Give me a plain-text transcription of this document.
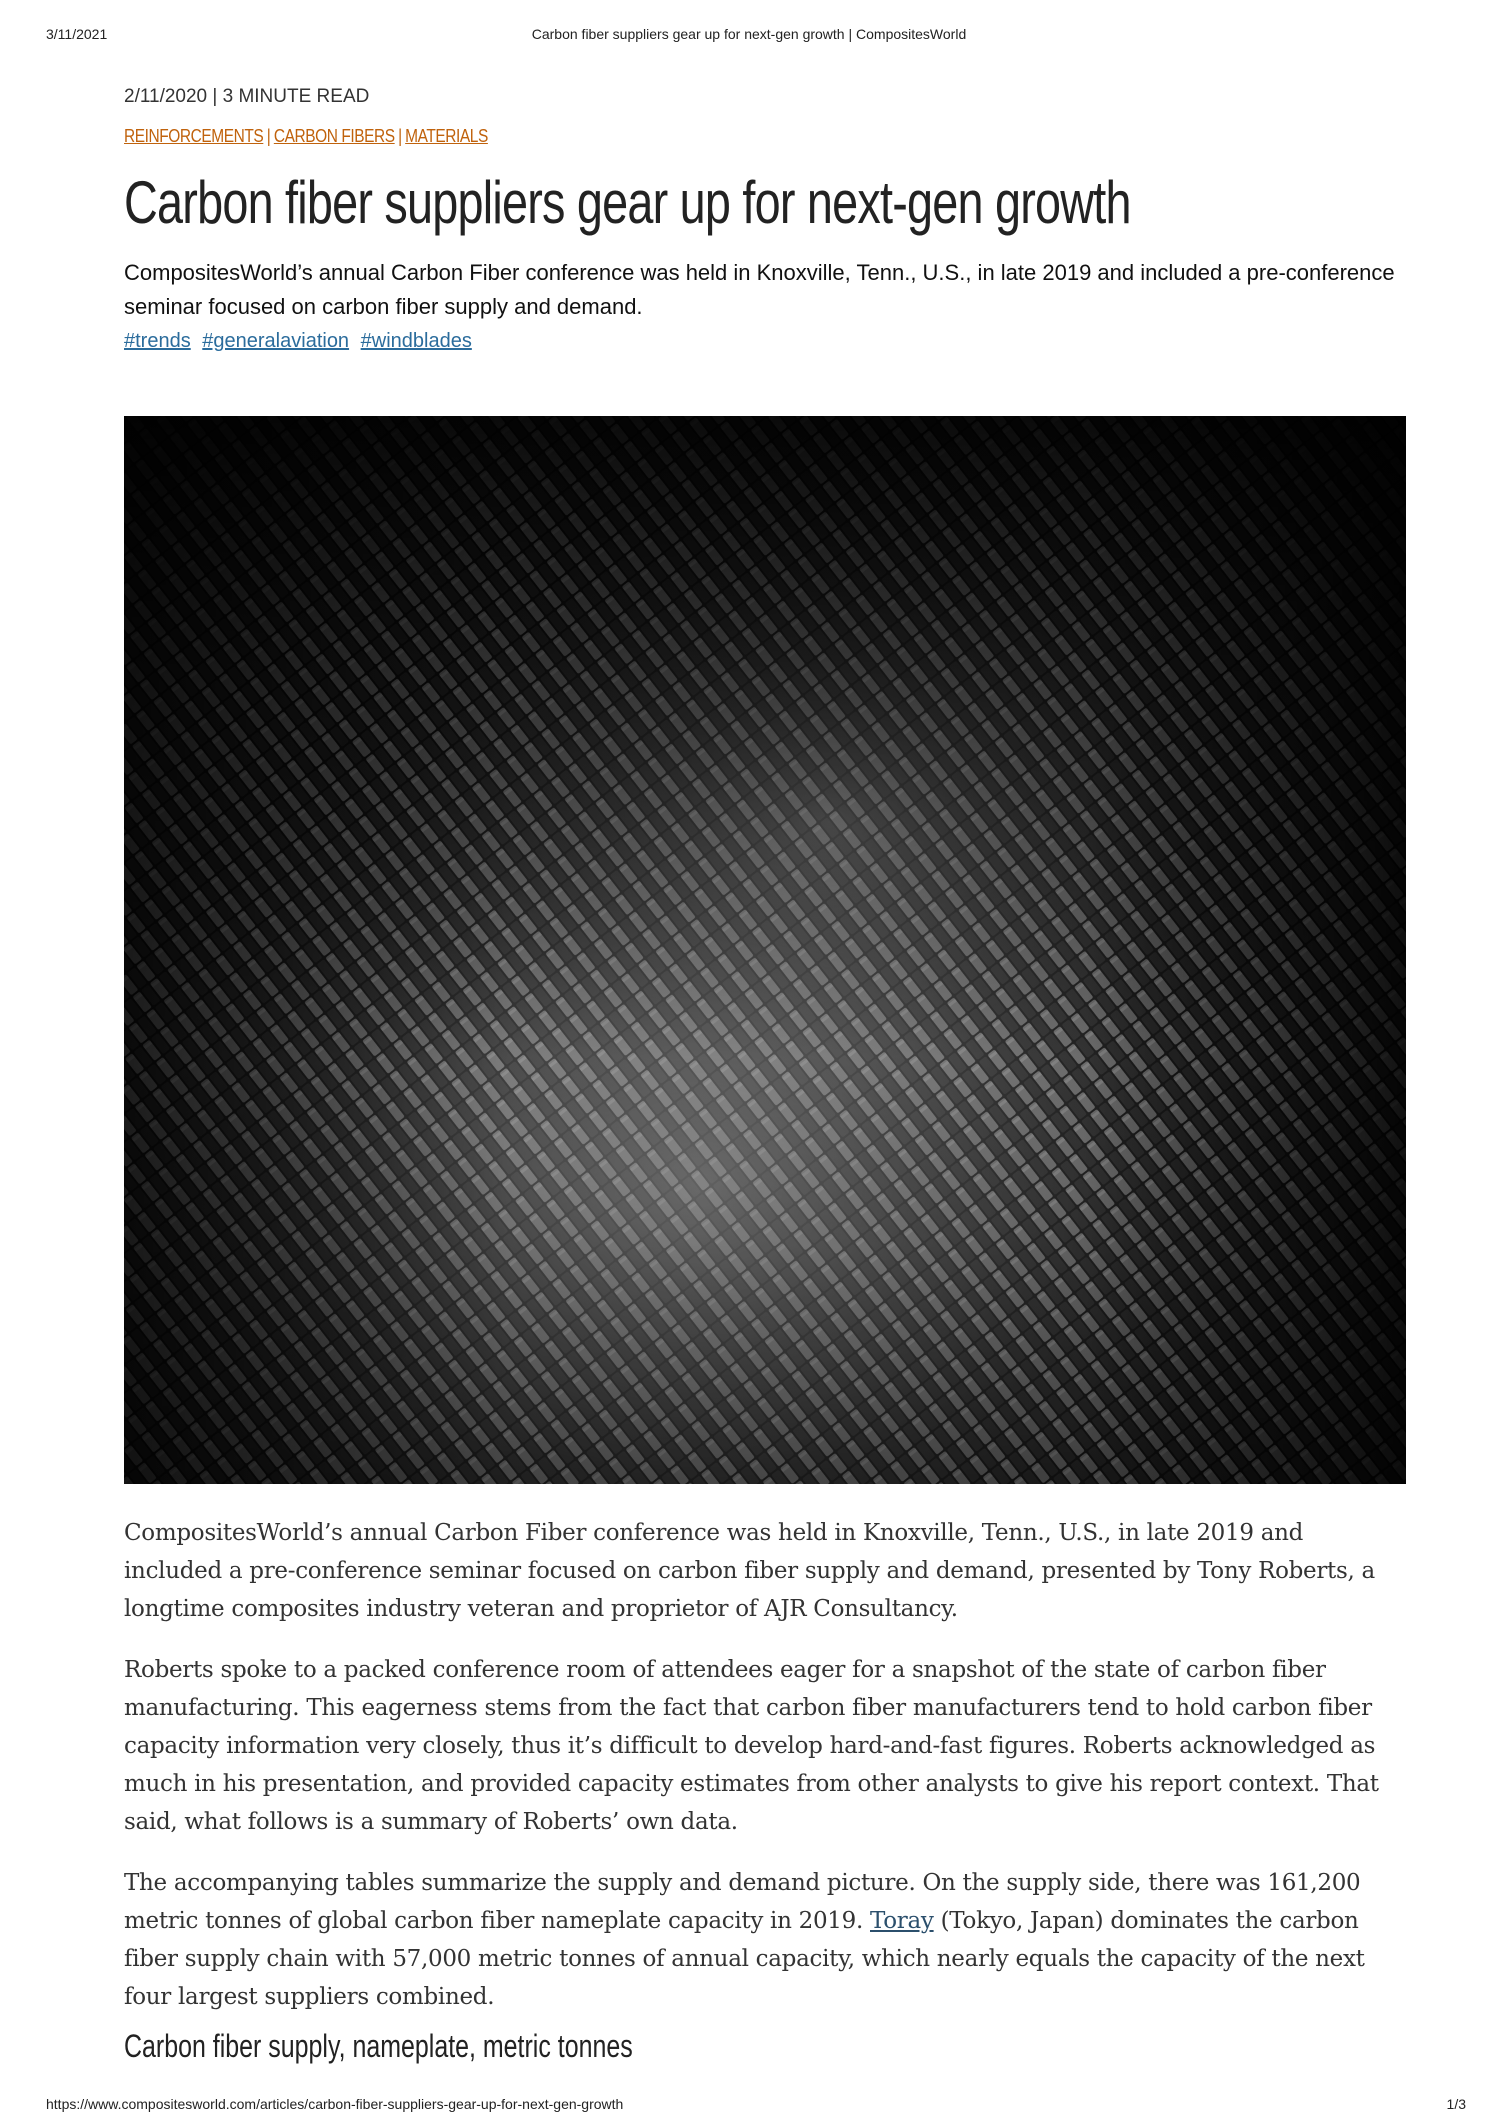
3/11/2021	Carbon fiber suppliers gear up for next-gen growth | CompositesWorld
2/11/2020 | 3 MINUTE READ
REINFORCEMENTS | CARBON FIBERS | MATERIALS
Carbon fiber suppliers gear up for next-gen growth

CompositesWorld’s annual Carbon Fiber conference was held in Knoxville, Tenn., U.S., in late 2019 and included a pre-conference seminar focused on carbon fiber supply and demand.

#trends #generalaviation #windblades

CompositesWorld’s annual Carbon Fiber conference was held in Knoxville, Tenn., U.S., in late 2019 and included a pre-conference seminar focused on carbon fiber supply and demand, presented by Tony Roberts, a longtime composites industry veteran and proprietor of AJR Consultancy.

Roberts spoke to a packed conference room of attendees eager for a snapshot of the state of carbon fiber manufacturing. This eagerness stems from the fact that carbon fiber manufacturers tend to hold carbon fiber capacity information very closely, thus it’s difficult to develop hard-and-fast figures. Roberts acknowledged as much in his presentation, and provided capacity estimates from other analysts to give his report context. That said, what follows is a summary of Roberts’ own data.

The accompanying tables summarize the supply and demand picture. On the supply side, there was 161,200 metric tonnes of global carbon fiber nameplate capacity in 2019. Toray (Tokyo, Japan) dominates the carbon fiber supply chain with 57,000 metric tonnes of annual capacity, which nearly equals the capacity of the next four largest suppliers combined.

Carbon fiber supply, nameplate, metric tonnes
https://www.compositesworld.com/articles/carbon-fiber-suppliers-gear-up-for-next-gen-growth	1/3
